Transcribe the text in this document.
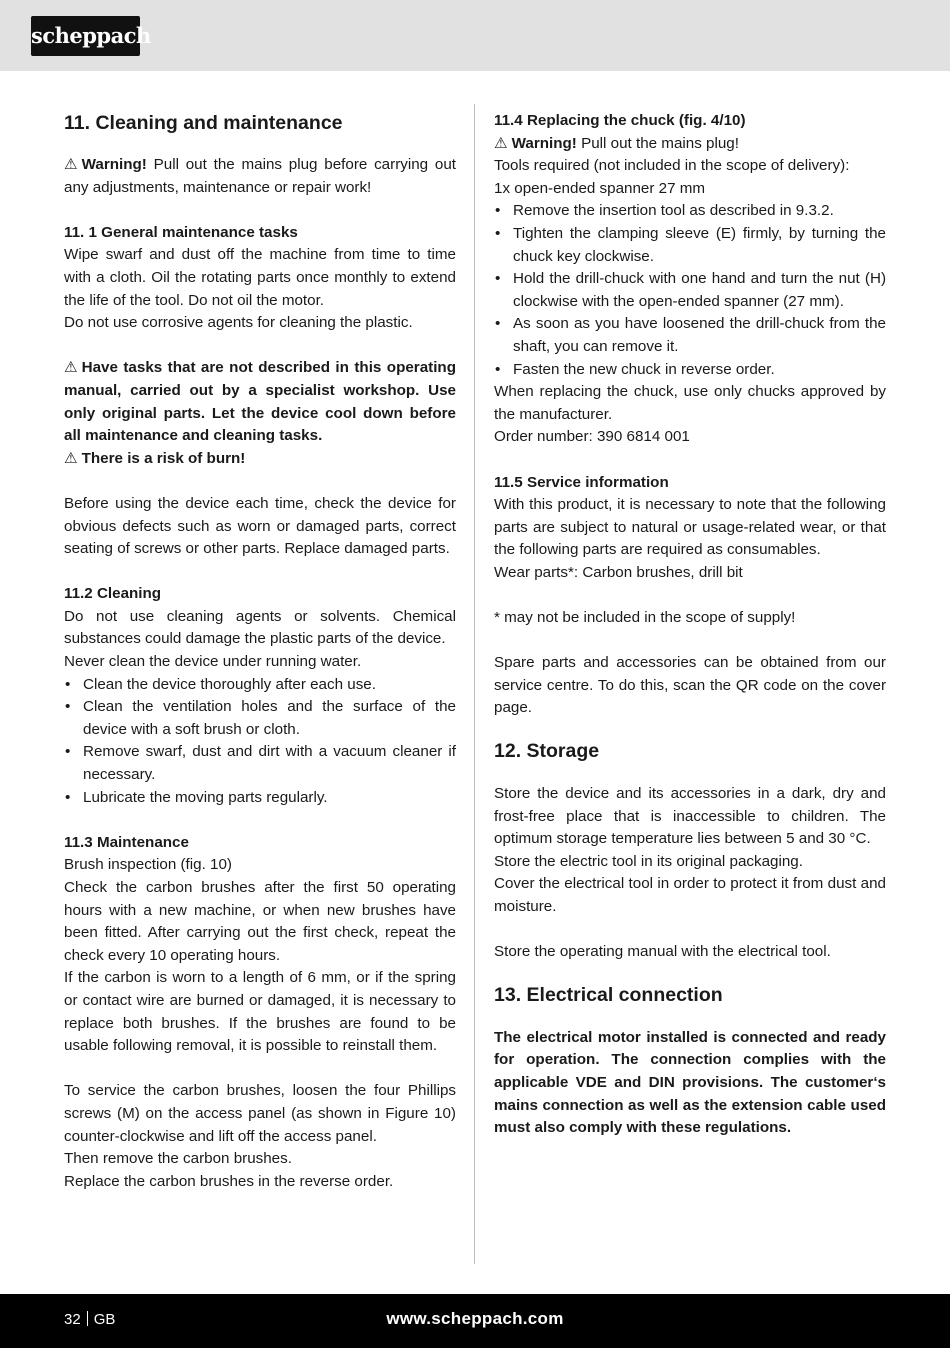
scheppach
11. Cleaning and maintenance

⚠ Warning! Pull out the mains plug before carrying out any adjustments, maintenance or repair work!

11. 1 General maintenance tasks

Wipe swarf and dust off the machine from time to time with a cloth. Oil the rotating parts once monthly to extend the life of the tool. Do not oil the motor.

Do not use corrosive agents for cleaning the plastic.

⚠ Have tasks that are not described in this operating manual, carried out by a specialist workshop. Use only original parts. Let the device cool down before all maintenance and cleaning tasks.

⚠ There is a risk of burn!

Before using the device each time, check the device for obvious defects such as worn or damaged parts, correct seating of screws or other parts. Replace damaged parts.

11.2 Cleaning

Do not use cleaning agents or solvents. Chemical substances could damage the plastic parts of the device.

Never clean the device under running water.

• Clean the device thoroughly after each use.
• Clean the ventilation holes and the surface of the device with a soft brush or cloth.
• Remove swarf, dust and dirt with a vacuum cleaner if necessary.
• Lubricate the moving parts regularly.
11.3 Maintenance

Brush inspection (fig. 10)

Check the carbon brushes after the first 50 operating hours with a new machine, or when new brushes have been fitted. After carrying out the first check, repeat the check every 10 operating hours.

If the carbon is worn to a length of 6 mm, or if the spring or contact wire are burned or damaged, it is necessary to replace both brushes. If the brushes are found to be usable following removal, it is possible to reinstall them.

To service the carbon brushes, loosen the four Phillips screws (M) on the access panel (as shown in Figure 10) counter-clockwise and lift off the access panel.

Then remove the carbon brushes.

Replace the carbon brushes in the reverse order.

11.4 Replacing the chuck (fig. 4/10)

⚠ Warning! Pull out the mains plug!

Tools required (not included in the scope of delivery):

1x open-ended spanner 27 mm

• Remove the insertion tool as described in 9.3.2.
• Tighten the clamping sleeve (E) firmly, by turning the chuck key clockwise.
• Hold the drill-chuck with one hand and turn the nut (H) clockwise with the open-ended spanner (27 mm).
• As soon as you have loosened the drill-chuck from the shaft, you can remove it.
• Fasten the new chuck in reverse order.

When replacing the chuck, use only chucks approved by the manufacturer.

Order number: 390 6814 001

11.5 Service information

With this product, it is necessary to note that the following parts are subject to natural or usage-related wear, or that the following parts are required as consumables.

Wear parts*: Carbon brushes, drill bit

* may not be included in the scope of supply!

Spare parts and accessories can be obtained from our service centre. To do this, scan the QR code on the cover page.

12. Storage

Store the device and its accessories in a dark, dry and frost-free place that is inaccessible to children. The optimum storage temperature lies between 5 and 30 °C.

Store the electric tool in its original packaging.

Cover the electrical tool in order to protect it from dust and moisture.

Store the operating manual with the electrical tool.

13. Electrical connection

The electrical motor installed is connected and ready for operation. The connection complies with the applicable VDE and DIN provisions. The customer‘s mains connection as well as the extension cable used must also comply with these regulations.

32 GB	www.scheppach.com
